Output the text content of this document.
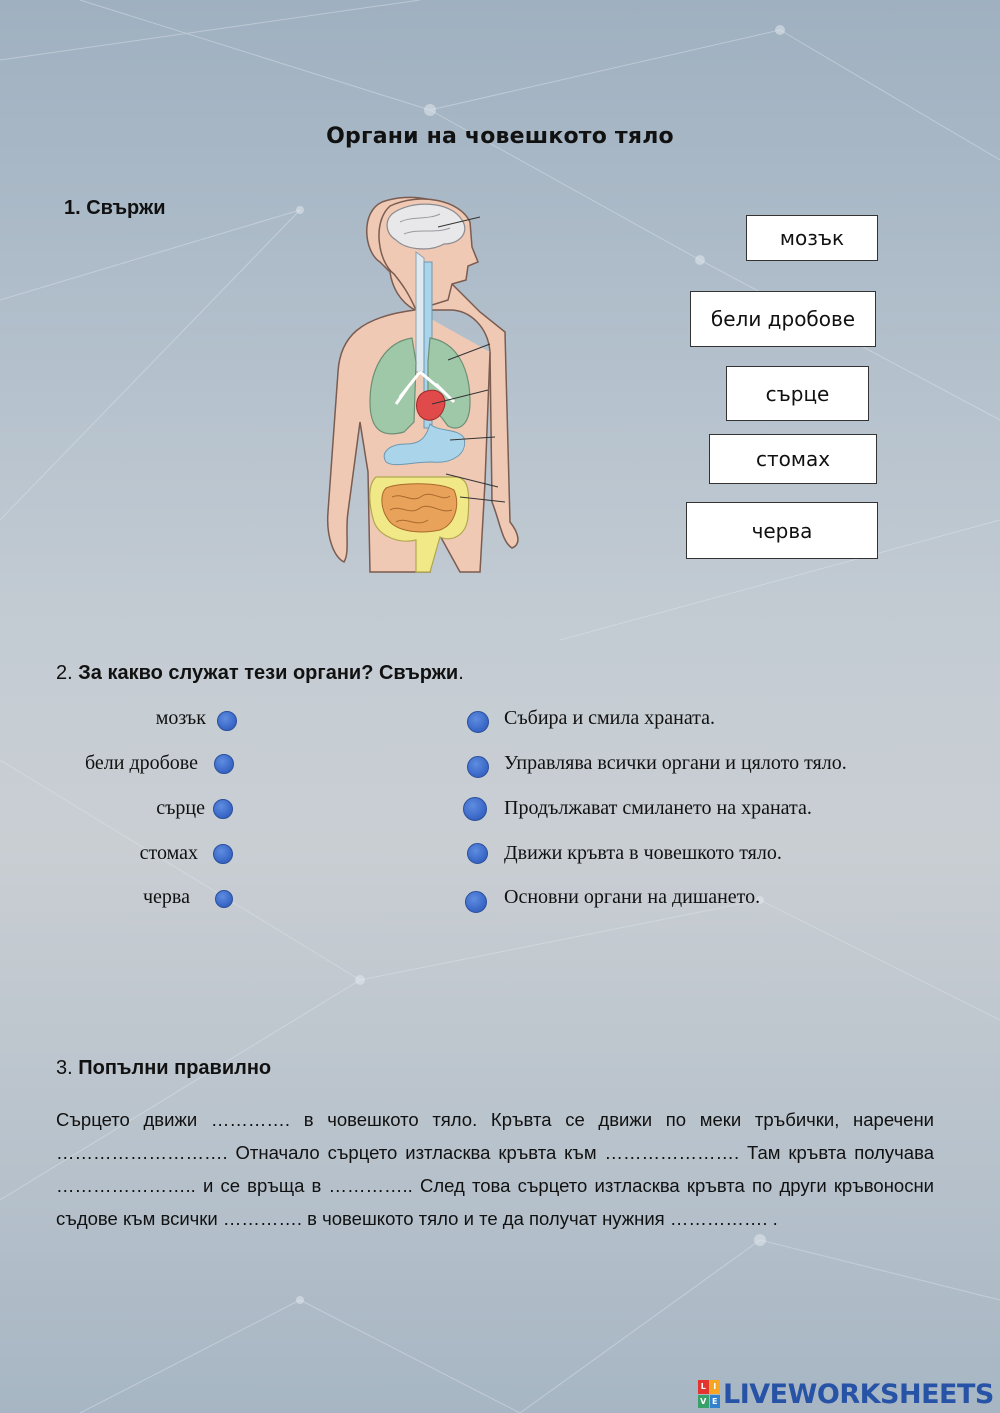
Органи на човешкото тяло
1. Свържи
мозък
бели дробове
сърце
стомах
черва
2. За какво служат тези органи? Свържи.
мозък
бели дробове
сърце
стомах
черва
Събира и смила храната.
Управлява всички органи и цялото тяло.
Продължават смилането на храната.
Движи кръвта в човешкото тяло.
Основни органи на дишането.
3. Попълни правилно
Сърцето движи …………. в човешкото тяло. Кръвта се движи по меки тръбички, наречени ………………………. Отначало сърцето изтласква кръвта към …………………. Там кръвта получава ………………….. и се връща в ………….. След това сърцето изтласква кръвта по други кръвоносни съдове към всички …………. в човешкото тяло и те да получат нужния ……………. .
L I
V E LIVEWORKSHEETS
